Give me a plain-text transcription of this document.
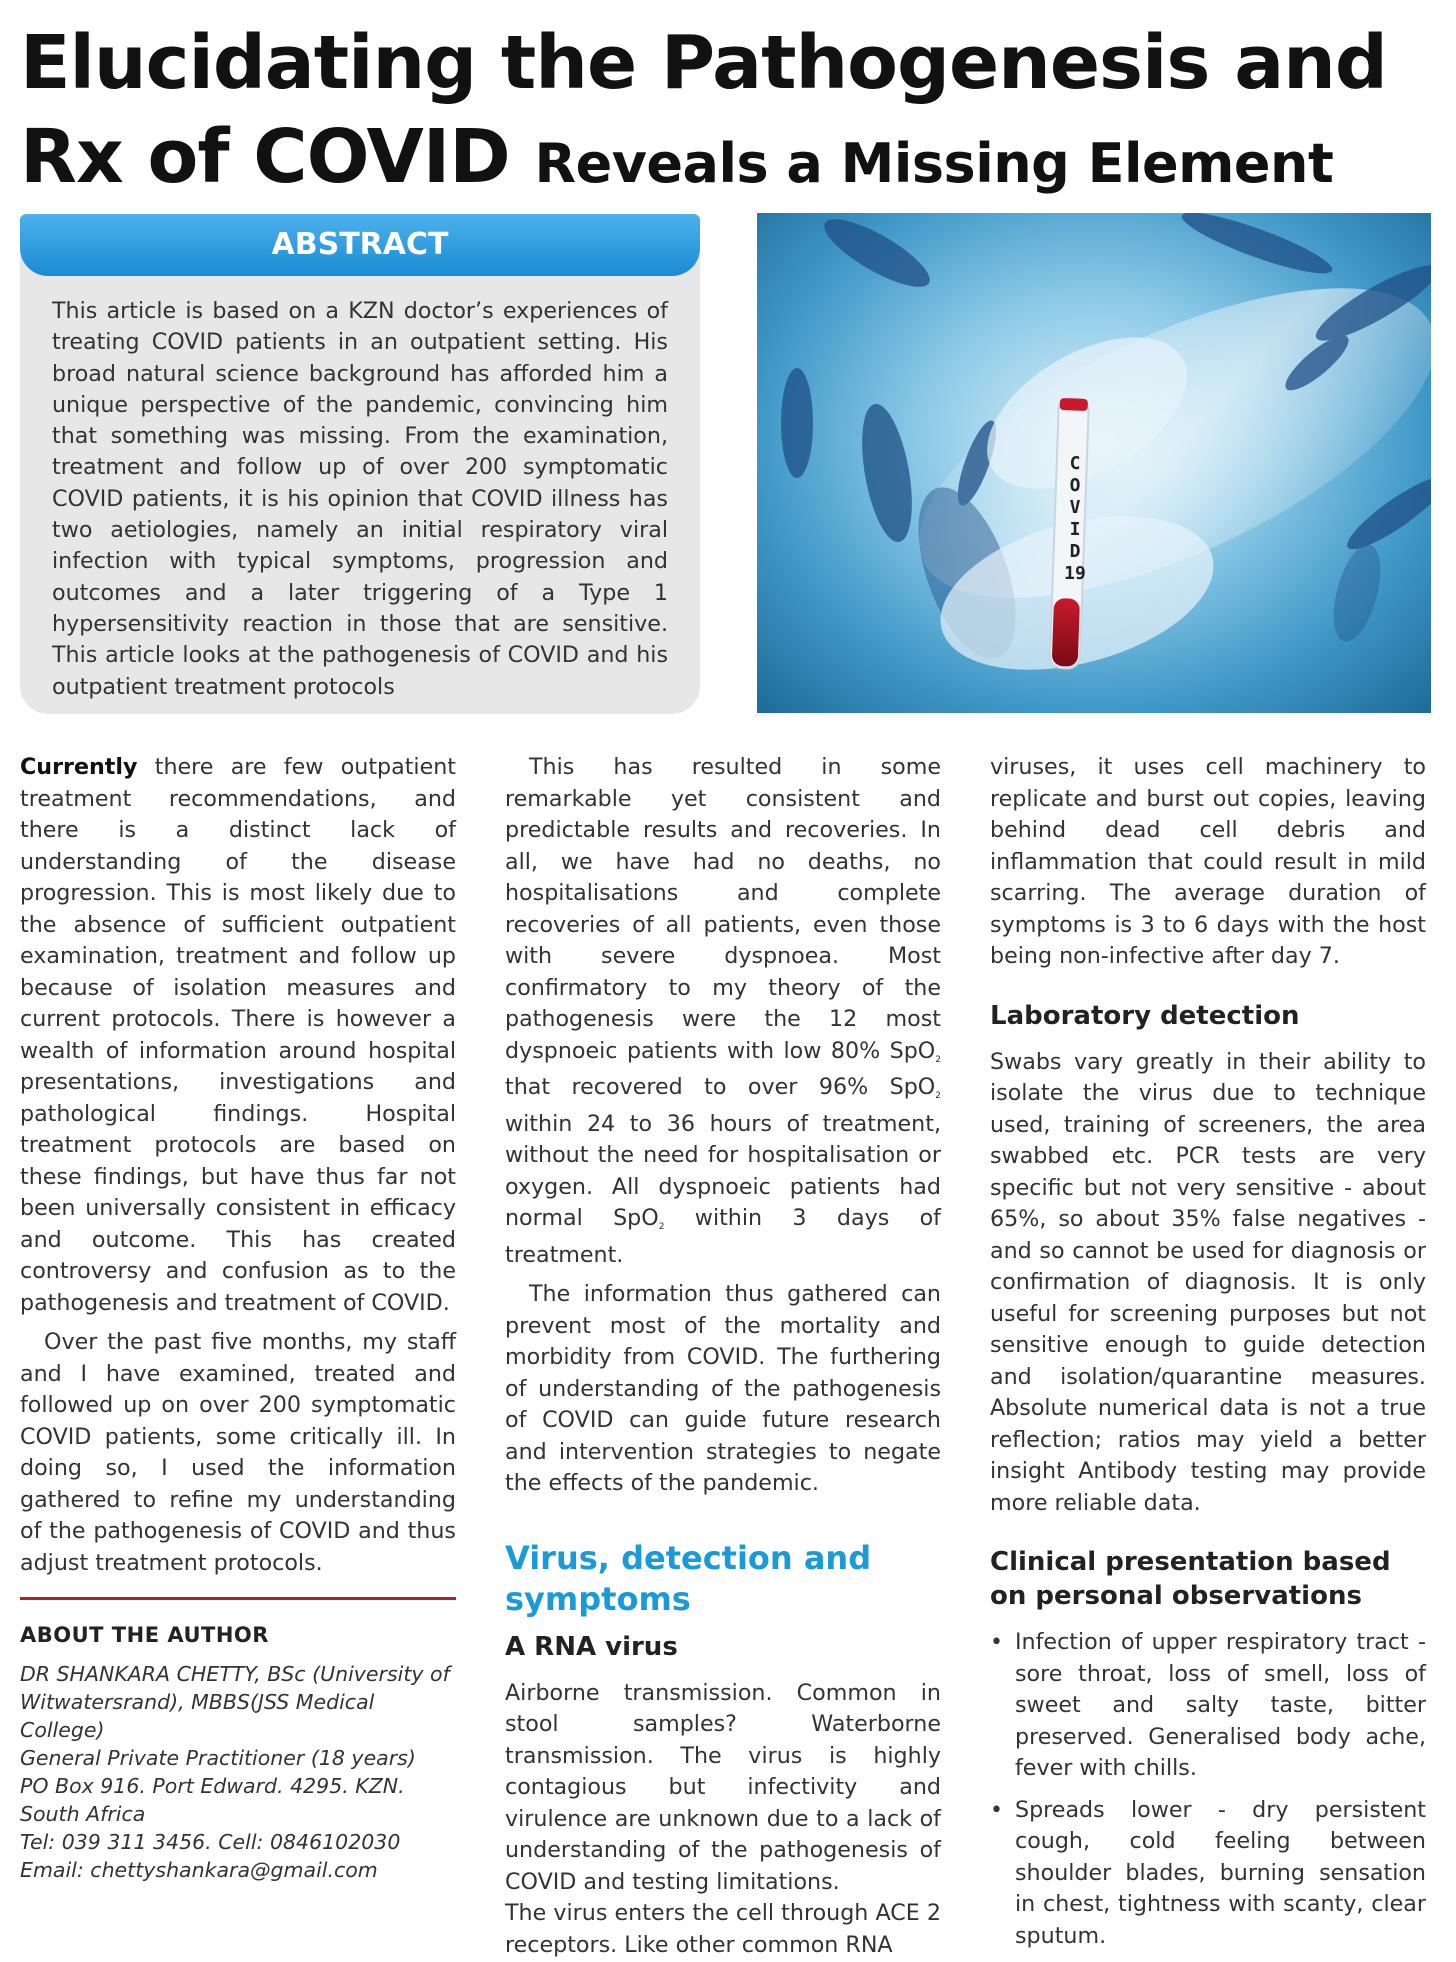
Elucidating the Pathogenesis and
Rx of COVID Reveals a Missing Element
ABSTRACT
This article is based on a KZN doctor’s experiences of treating COVID patients in an outpatient setting. His broad natural science background has afforded him a unique perspective of the pandemic, convincing him that something was missing. From the examination, treatment and follow up of over 200 symptomatic COVID patients, it is his opinion that COVID illness has two aetiologies, namely an initial respiratory viral infection with typical symptoms, progression and outcomes and a later triggering of a Type 1 hypersensitivity reaction in those that are sensitive. This article looks at the pathogenesis of COVID and his outpatient treatment protocols
C
O
V
I
D
19

Currently there are few outpatient treatment recommendations, and there is a distinct lack of understanding of the disease progression. This is most likely due to the absence of sufficient outpatient examination, treatment and follow up because of isolation measures and current protocols. There is however a wealth of information around hospital presentations, investigations and pathological findings. Hospital treatment protocols are based on these findings, but have thus far not been universally consistent in efficacy and outcome. This has created controversy and confusion as to the pathogenesis and treatment of COVID.

Over the past five months, my staff and I have examined, treated and followed up on over 200 symptomatic COVID patients, some critically ill. In doing so, I used the information gathered to refine my understanding of the pathogenesis of COVID and thus adjust treatment protocols.

ABOUT THE AUTHOR
DR SHANKARA CHETTY, BSc (University of
Witwatersrand), MBBS(JSS Medical College)
General Private Practitioner (18 years)
PO Box 916. Port Edward. 4295. KZN.
South Africa
Tel: 039 311 3456. Cell: 0846102030
Email: chettyshankara@gmail.com

This has resulted in some remarkable yet consistent and predictable results and recoveries. In all, we have had no deaths, no hospitalisations and complete recoveries of all patients, even those with severe dyspnoea. Most confirmatory to my theory of the pathogenesis were the 12 most dyspnoeic patients with low 80% SpO2 that recovered to over 96% SpO2 within 24 to 36 hours of treatment, without the need for hospitalisation or oxygen. All dyspnoeic patients had normal SpO2 within 3 days of treatment.

The information thus gathered can prevent most of the mortality and morbidity from COVID. The furthering of understanding of the pathogenesis of COVID can guide future research and intervention strategies to negate the effects of the pandemic.

Virus, detection and symptoms
A RNA virus

Airborne transmission. Common in stool samples? Waterborne transmission. The virus is highly contagious but infectivity and virulence are unknown due to a lack of understanding of the pathogenesis of COVID and testing limitations.

The virus enters the cell through ACE 2 receptors. Like other common RNA

viruses, it uses cell machinery to replicate and burst out copies, leaving behind dead cell debris and inflammation that could result in mild scarring. The average duration of symptoms is 3 to 6 days with the host being non-infective after day 7.

Laboratory detection

Swabs vary greatly in their ability to isolate the virus due to technique used, training of screeners, the area swabbed etc. PCR tests are very specific but not very sensitive - about 65%, so about 35% false negatives - and so cannot be used for diagnosis or confirmation of diagnosis. It is only useful for screening purposes but not sensitive enough to guide detection and isolation/quarantine measures. Absolute numerical data is not a true reflection; ratios may yield a better insight Antibody testing may provide more reliable data.

Clinical presentation based on personal observations
• Infection of upper respiratory tract - sore throat, loss of smell, loss of sweet and salty taste, bitter preserved. Generalised body ache, fever with chills.
• Spreads lower - dry persistent cough, cold feeling between shoulder blades, burning sensation in chest, tightness with scanty, clear sputum.
